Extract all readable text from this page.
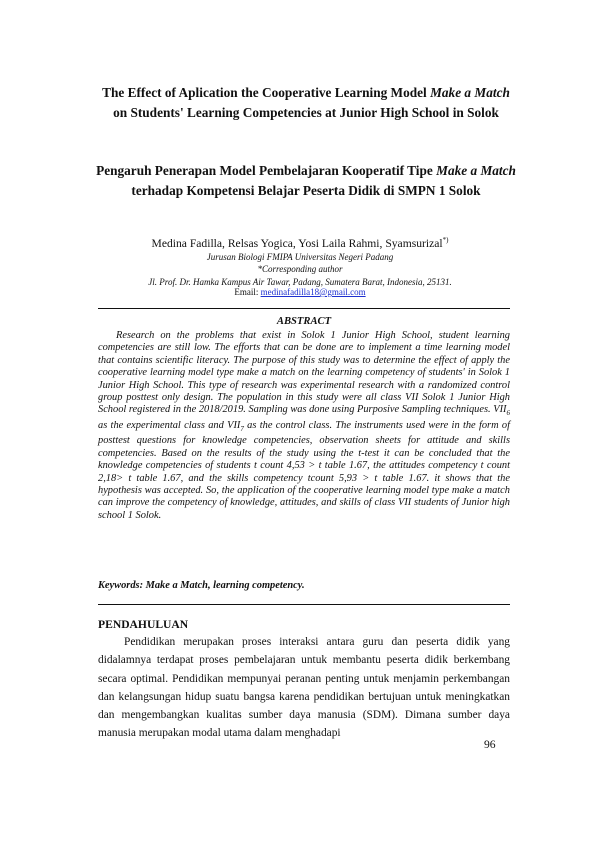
The Effect of Aplication the Cooperative Learning Model Make a Match on Students' Learning Competencies at Junior High School in Solok
Pengaruh Penerapan Model Pembelajaran Kooperatif Tipe Make a Match terhadap Kompetensi Belajar Peserta Didik di SMPN 1 Solok
Medina Fadilla, Relsas Yogica, Yosi Laila Rahmi, Syamsurizal*)
Jurusan Biologi FMIPA Universitas Negeri Padang
*Corresponding author
Jl. Prof. Dr. Hamka Kampus Air Tawar, Padang, Sumatera Barat, Indonesia, 25131.
Email: medinafadilla18@gmail.com
ABSTRACT
Research on the problems that exist in Solok 1 Junior High School, student learning competencies are still low. The efforts that can be done are to implement a time learning model that contains scientific literacy. The purpose of this study was to determine the effect of apply the cooperative learning model type make a match on the learning competency of students' in Solok 1 Junior High School. This type of research was experimental research with a randomized control group posttest only design. The population in this study were all class VII Solok 1 Junior High School registered in the 2018/2019. Sampling was done using Purposive Sampling techniques. $VII_6$ as the experimental class and $VII_7$ as the control class. The instruments used were in the form of posttest questions for knowledge competencies, observation sheets for attitude and skills competencies. Based on the results of the study using the t-test it can be concluded that the knowledge competencies of students t count 4,53 > t table 1.67, the attitudes competency t count 2,18> t table 1.67, and the skills competency tcount 5,93 > t table 1.67. it shows that the hypothesis was accepted. So, the application of the cooperative learning model type make a match can improve the competency of knowledge, attitudes, and skills of class VII students of Junior high school 1 Solok.
Keywords: Make a Match, learning competency.
PENDAHULUAN
Pendidikan merupakan proses interaksi antara guru dan peserta didik yang didalamnya terdapat proses pembelajaran untuk membantu peserta didik berkembang secara optimal. Pendidikan mempunyai peranan penting untuk menjamin perkembangan dan kelangsungan hidup suatu bangsa karena pendidikan bertujuan untuk meningkatkan dan mengembangkan kualitas sumber daya manusia (SDM). Dimana sumber daya manusia merupakan modal utama dalam menghadapi
96
